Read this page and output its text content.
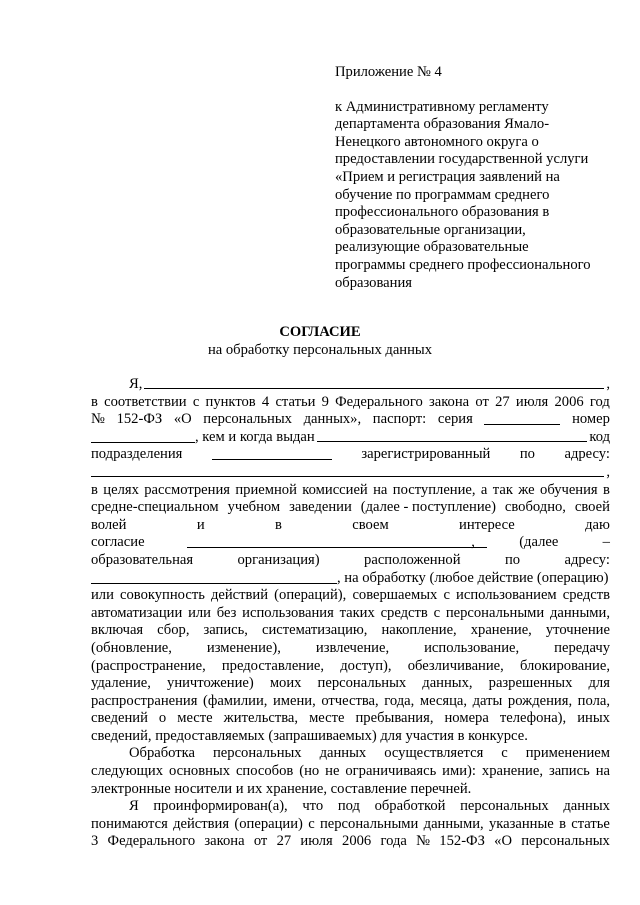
Приложение № 4
к Административному регламенту
департамента образования Ямало-
Ненецкого автономного округа о
предоставлении государственной услуги
«Прием и регистрация заявлений на
обучение по программам среднего
профессионального образования в
образовательные организации,
реализующие образовательные
программы среднего профессионального
образования
СОГЛАСИЕ
на обработку персональных данных
Я,	,
в соответствии с пунктов 4 статьи 9 Федерального закона от 27 июля 2006 год
№ 152-ФЗ «О персональных данных», паспорт: серия	номер
, кем и когда выдан	код
подразделения	зарегистрированный по адресу:
,
в целях рассмотрения приемной комиссией на поступление, а так же обучения в
средне-специальном учебном заведении (далее - поступление) свободно, своей
волей	и	в	своем	интересе	даю
согласие	,	(далее	–
образовательная	организация)	расположенной	по	адресу:
, на обработку (любое действие (операцию)
или совокупность действий (операций), совершаемых с использованием средств
автоматизации или без использования таких средств с персональными данными,
включая сбор, запись, систематизацию, накопление, хранение, уточнение
(обновление, изменение), извлечение, использование, передачу
(распространение, предоставление, доступ), обезличивание, блокирование,
удаление, уничтожение) моих персональных данных, разрешенных для
распространения (фамилии, имени, отчества, года, месяца, даты рождения, пола,
сведений о месте жительства, месте пребывания, номера телефона), иных
сведений, предоставляемых (запрашиваемых) для участия в конкурсе.
Обработка персональных данных осуществляется с применением
следующих основных способов (но не ограничиваясь ими): хранение, запись на
электронные носители и их хранение, составление перечней.
Я проинформирован(а), что под обработкой персональных данных
понимаются действия (операции) с персональными данными, указанные в статье
3 Федерального закона от 27 июля 2006 года № 152-ФЗ «О персональных
